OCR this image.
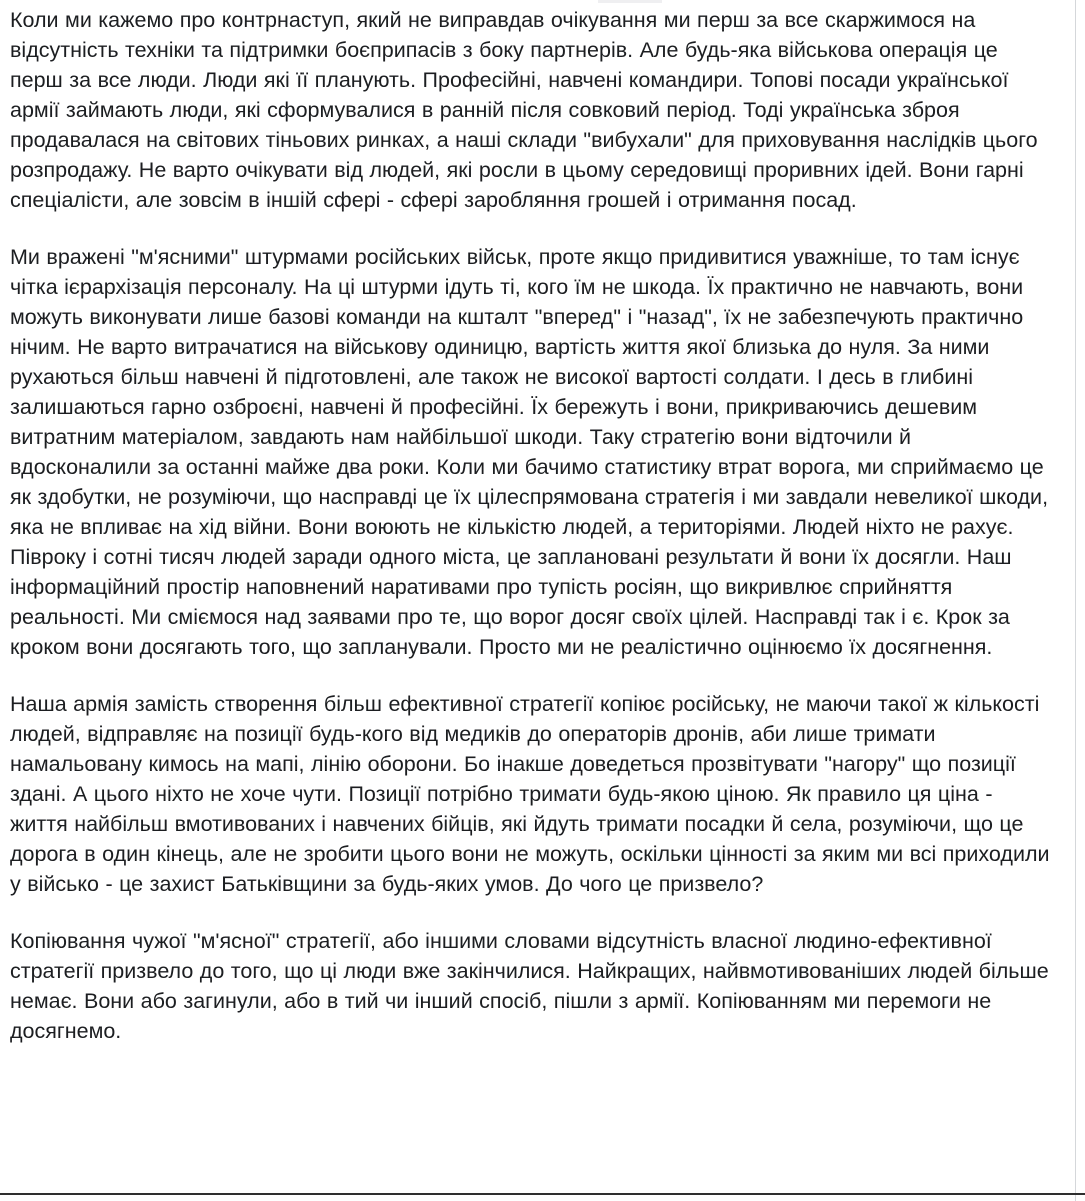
Коли ми кажемо про контрнаступ, який не виправдав очікування ми перш за все скаржимося на відсутність техніки та підтримки боєприпасів з боку партнерів. Але будь-яка військова операція це перш за все люди. Люди які її планують. Професійні, навчені командири. Топові посади української армії займають люди, які сформувалися в ранній після совковий період. Тоді українська зброя продавалася на світових тіньових ринках, а наші склади "вибухали" для приховування наслідків цього розпродажу. Не варто очікувати від людей, які росли в цьому середовищі проривних ідей. Вони гарні спеціалісти, але зовсім в іншій сфері - сфері заробляння грошей і отримання посад.

Ми вражені "м'ясними" штурмами російських військ, проте якщо придивитися уважніше, то там існує чітка ієрархізація персоналу. На ці штурми ідуть ті, кого їм не шкода. Їх практично не навчають, вони можуть виконувати лише базові команди на кшталт "вперед" і "назад", їх не забезпечують практично нічим. Не варто витрачатися на військову одиницю, вартість життя якої близька до нуля. За ними рухаються більш навчені й підготовлені, але також не високої вартості солдати. І десь в глибині залишаються гарно озброєні, навчені й професійні. Їх бережуть і вони, прикриваючись дешевим витратним матеріалом, завдають нам найбільшої шкоди. Таку стратегію вони відточили й вдосконалили за останні майже два роки. Коли ми бачимо статистику втрат ворога, ми сприймаємо це як здобутки, не розуміючи, що насправді це їх цілеспрямована стратегія і ми завдали невеликої шкоди, яка не впливає на хід війни. Вони воюють не кількістю людей, а територіями. Людей ніхто не рахує. Півроку і сотні тисяч людей заради одного міста, це заплановані результати й вони їх досягли. Наш інформаційний простір наповнений наративами про тупість росіян, що викривлює сприйняття реальності. Ми сміємося над заявами про те, що ворог досяг своїх цілей. Насправді так і є. Крок за кроком вони досягають того, що запланували. Просто ми не реалістично оцінюємо їх досягнення.

Наша армія замість створення більш ефективної стратегії копіює російську, не маючи такої ж кількості людей, відправляє на позиції будь-кого від медиків до операторів дронів, аби лише тримати намальовану кимось на мапі, лінію оборони. Бо інакше доведеться прозвітувати "нагору" що позиції здані. А цього ніхто не хоче чути. Позиції потрібно тримати будь-якою ціною. Як правило ця ціна - життя найбільш вмотивованих і навчених бійців, які йдуть тримати посадки й села, розуміючи, що це дорога в один кінець, але не зробити цього вони не можуть, оскільки цінності за яким ми всі приходили у військо - це захист Батьківщини за будь-яких умов. До чого це призвело?

Копіювання чужої "м'ясної" стратегії, або іншими словами відсутність власної людино-ефективної стратегії призвело до того, що ці люди вже закінчилися. Найкращих, найвмотивованіших людей більше немає. Вони або загинули, або в тий чи інший спосіб, пішли з армії. Копіюванням ми перемоги не досягнемо.
